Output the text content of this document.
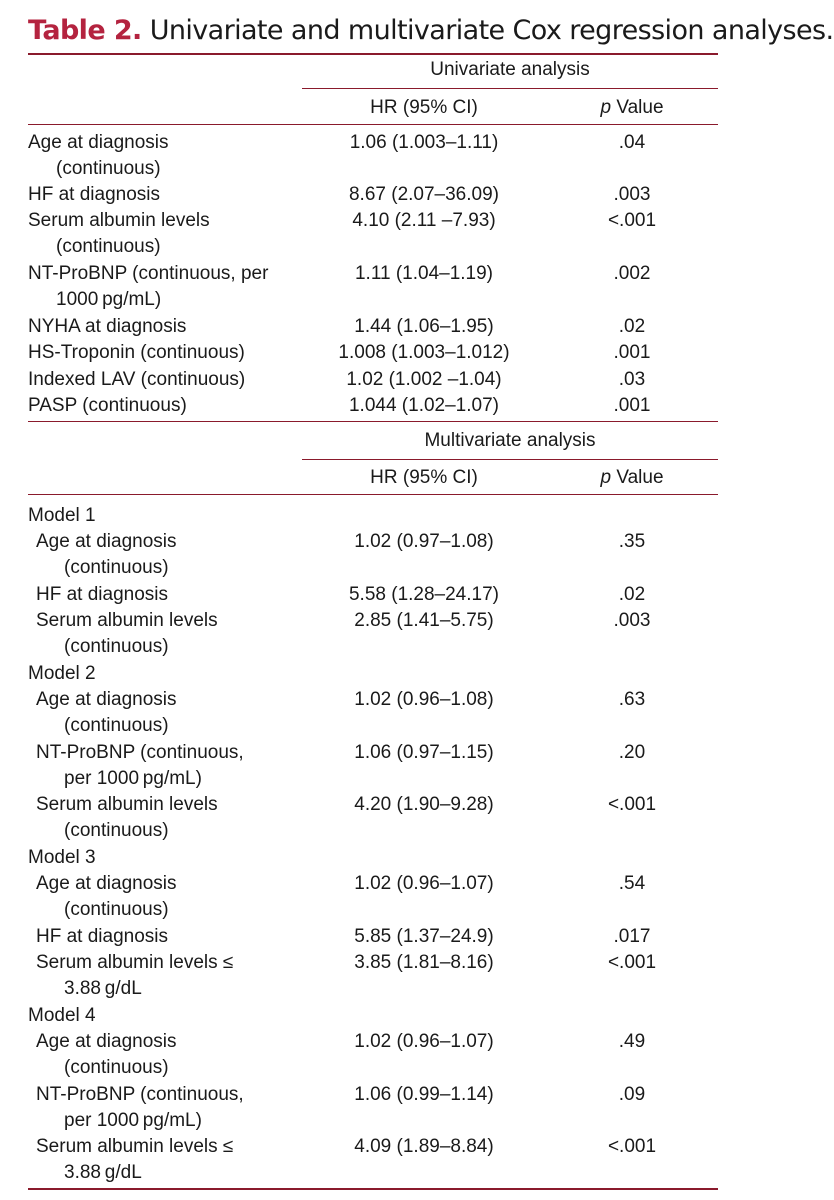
Table 2. Univariate and multivariate Cox regression analyses.
Univariate analysis
HR (95% CI)	p Value
Age at diagnosis
(continuous)
1.06 (1.003–1.11)	.04
HF at diagnosis	8.67 (2.07–36.09)	.003
Serum albumin levels
(continuous)
4.10 (2.11 –7.93)	<.001
NT-ProBNP (continuous, per
1000 pg/mL)
1.11 (1.04–1.19)	.002
NYHA at diagnosis	1.44 (1.06–1.95)	.02
HS-Troponin (continuous)	1.008 (1.003–1.012)	.001
Indexed LAV (continuous)	1.02 (1.002 –1.04)	.03
PASP (continuous)	1.044 (1.02–1.07)	.001
Multivariate analysis
HR (95% CI)	p Value
Model 1
Age at diagnosis
(continuous)
1.02 (0.97–1.08)	.35
HF at diagnosis	5.58 (1.28–24.17)	.02
Serum albumin levels
(continuous)
2.85 (1.41–5.75)	.003
Model 2
Age at diagnosis
(continuous)
1.02 (0.96–1.08)	.63
NT-ProBNP (continuous,
per 1000 pg/mL)
1.06 (0.97–1.15)	.20
Serum albumin levels
(continuous)
4.20 (1.90–9.28)	<.001
Model 3
Age at diagnosis
(continuous)
1.02 (0.96–1.07)	.54
HF at diagnosis	5.85 (1.37–24.9)	.017
Serum albumin levels ≤
3.88 g/dL
3.85 (1.81–8.16)	<.001
Model 4
Age at diagnosis
(continuous)
1.02 (0.96–1.07)	.49
NT-ProBNP (continuous,
per 1000 pg/mL)
1.06 (0.99–1.14)	.09
Serum albumin levels ≤
3.88 g/dL
4.09 (1.89–8.84)	<.001
